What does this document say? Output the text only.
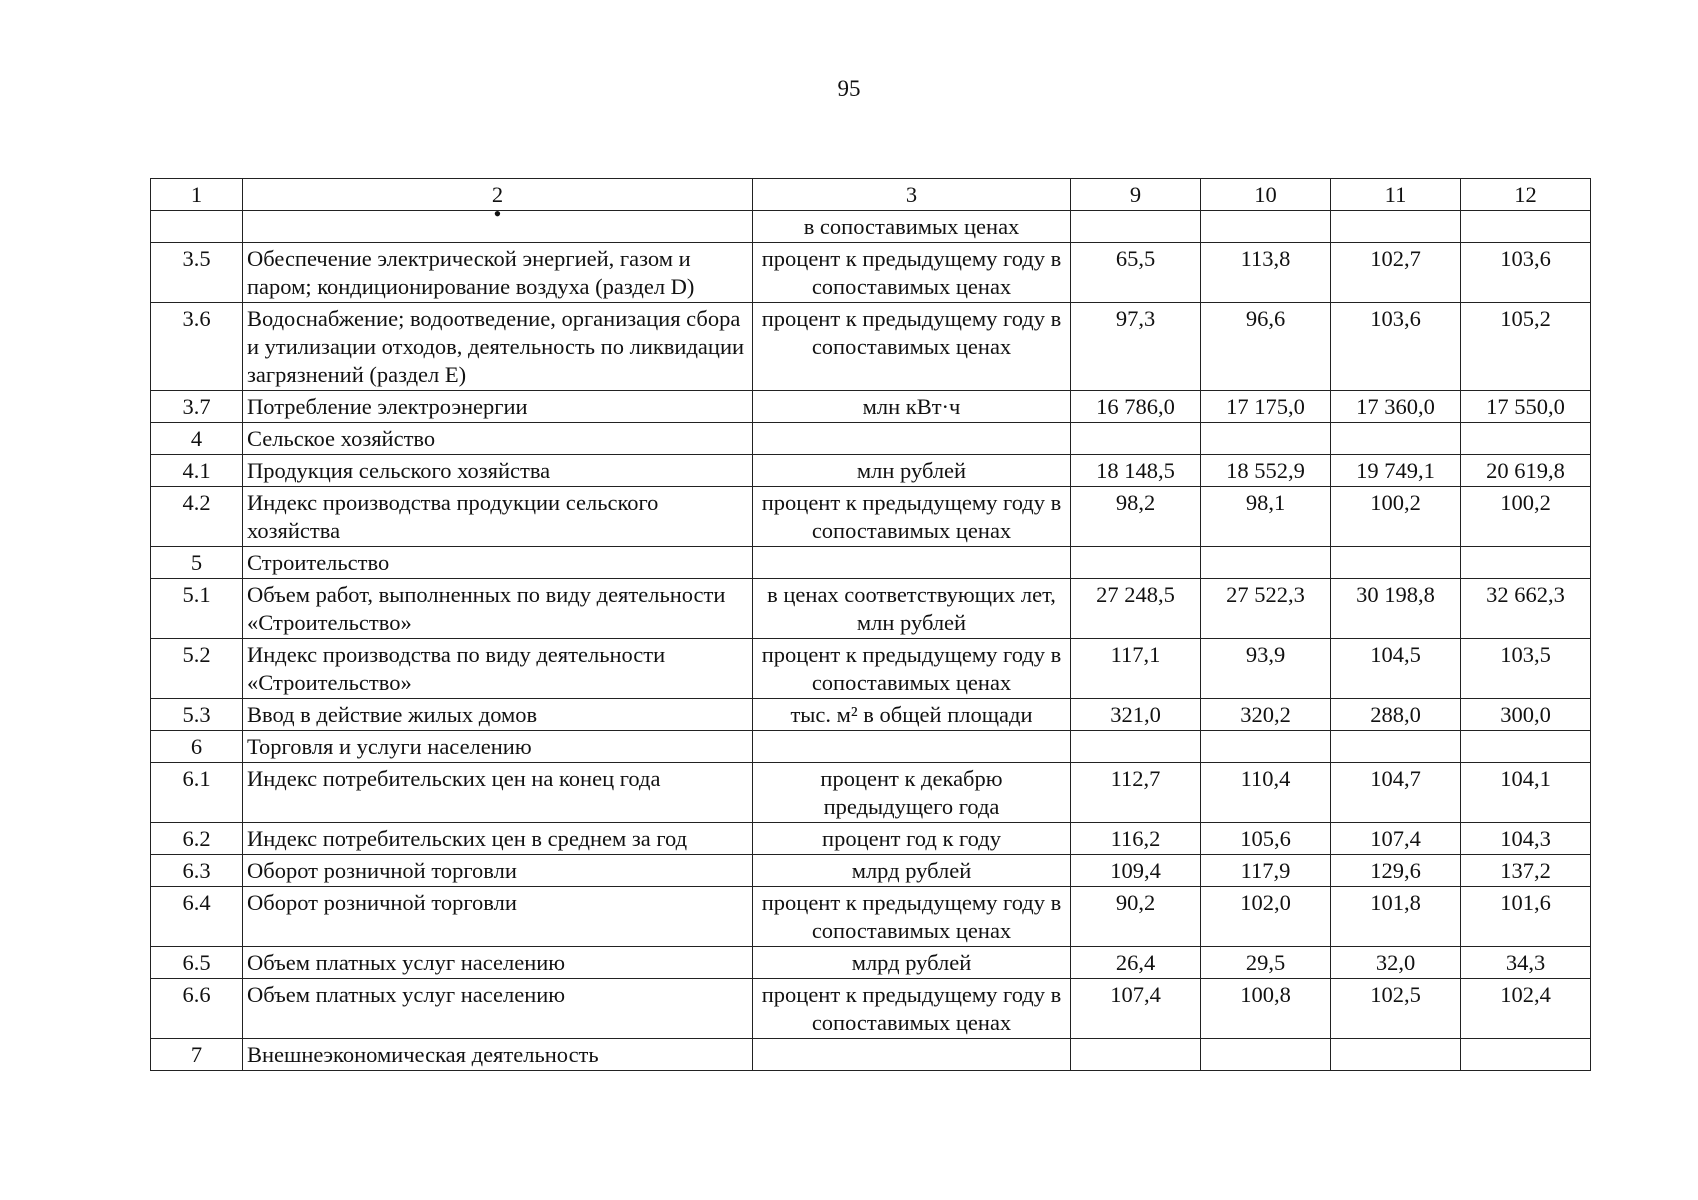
95
1	2	3	9	10	11	12

	•	в сопоставимых ценах				
3.5	Обеспечение электрической энергией, газом и паром; кондиционирование воздуха (раздел D)	процент к предыдущему году в сопоставимых ценах	65,5	113,8	102,7	103,6
3.6	Водоснабжение; водоотведение, организация сбора и утилизации отходов, деятельность по ликвидации загрязнений (раздел E)	процент к предыдущему году в сопоставимых ценах	97,3	96,6	103,6	105,2
3.7	Потребление электроэнергии	млн кВт·ч	16 786,0	17 175,0	17 360,0	17 550,0
4	Сельское хозяйство					
4.1	Продукция сельского хозяйства	млн рублей	18 148,5	18 552,9	19 749,1	20 619,8
4.2	Индекс производства продукции сельского хозяйства	процент к предыдущему году в сопоставимых ценах	98,2	98,1	100,2	100,2
5	Строительство					
5.1	Объем работ, выполненных по виду деятельности «Строительство»	в ценах соответствующих лет, млн рублей	27 248,5	27 522,3	30 198,8	32 662,3
5.2	Индекс производства по виду деятельности «Строительство»	процент к предыдущему году в сопоставимых ценах	117,1	93,9	104,5	103,5
5.3	Ввод в действие жилых домов	тыс. м² в общей площади	321,0	320,2	288,0	300,0
6	Торговля и услуги населению					
6.1	Индекс потребительских цен на конец года	процент к декабрю предыдущего года	112,7	110,4	104,7	104,1
6.2	Индекс потребительских цен в среднем за год	процент год к году	116,2	105,6	107,4	104,3
6.3	Оборот розничной торговли	млрд рублей	109,4	117,9	129,6	137,2
6.4	Оборот розничной торговли	процент к предыдущему году в сопоставимых ценах	90,2	102,0	101,8	101,6
6.5	Объем платных услуг населению	млрд рублей	26,4	29,5	32,0	34,3
6.6	Объем платных услуг населению	процент к предыдущему году в сопоставимых ценах	107,4	100,8	102,5	102,4
7	Внешнеэкономическая деятельность					
